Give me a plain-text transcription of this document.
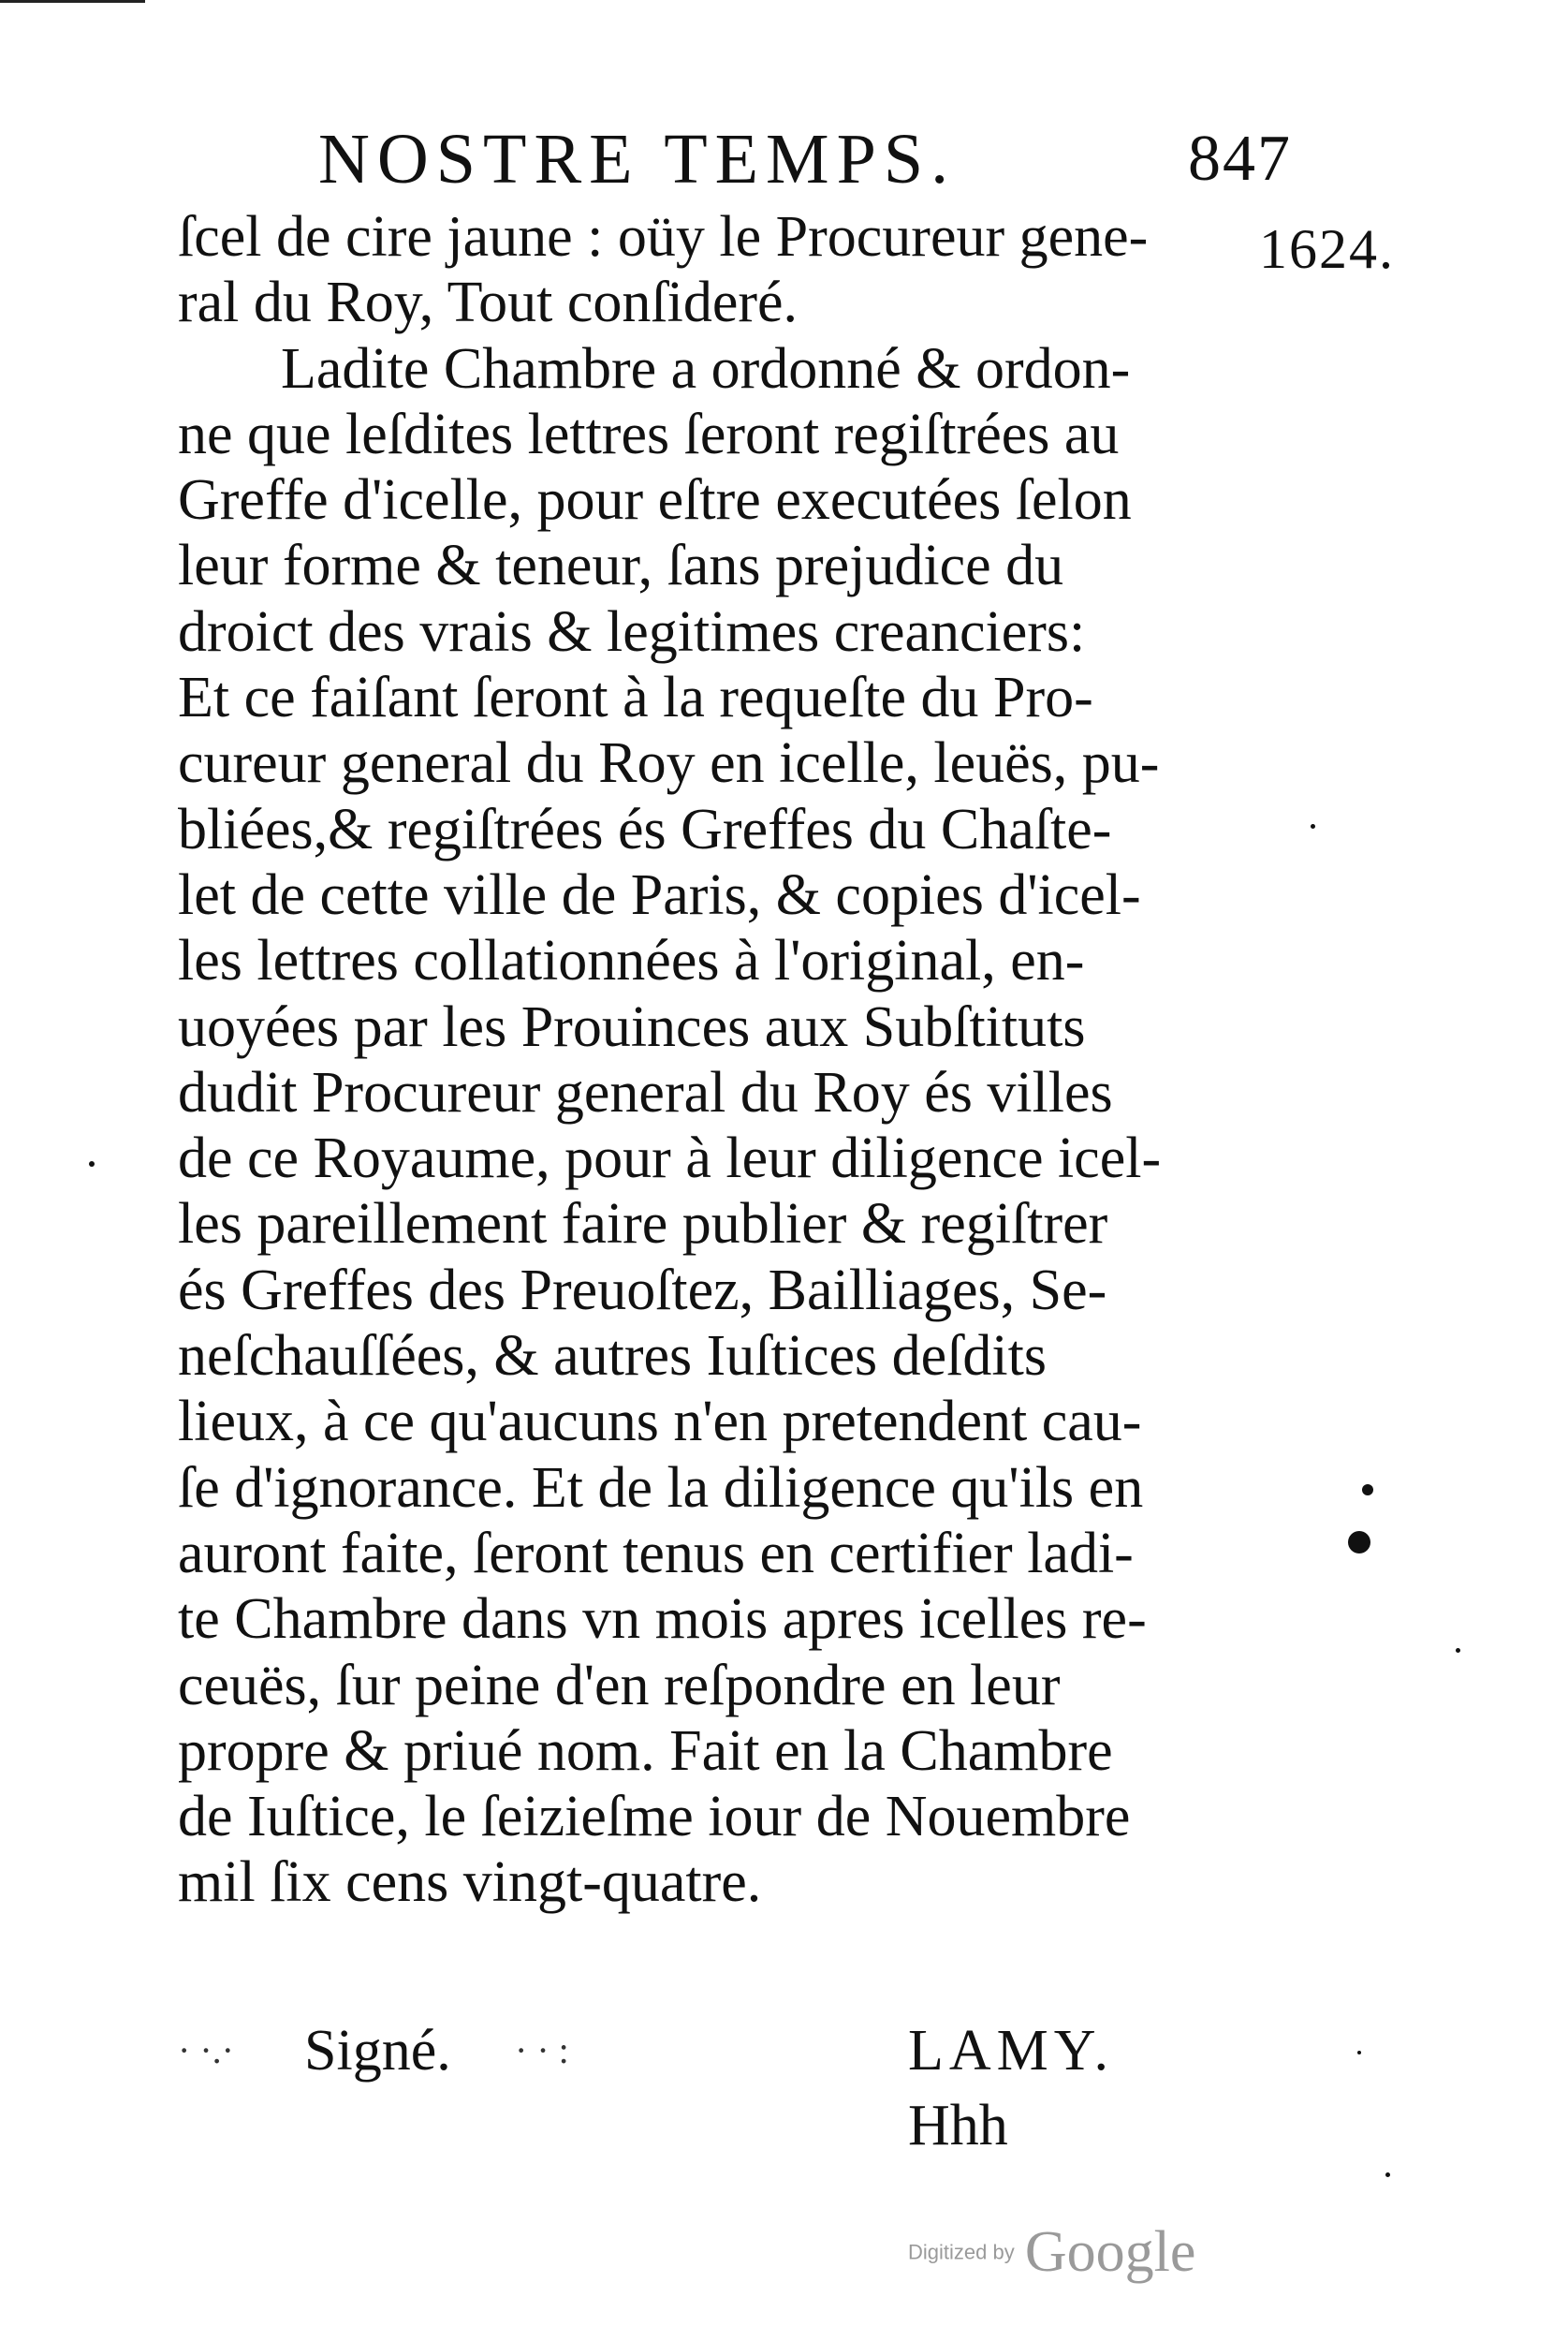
NOSTRE TEMPS.	847
1624.
ſcel de cire jaune : oüy le Procureur gene-
ral du Roy, Tout conſideré.
Ladite Chambre a ordonné & ordon-
ne que leſdites lettres ſeront regiſtrées au
Greffe d'icelle, pour eſtre executées ſelon
leur forme & teneur, ſans prejudice du
droict des vrais & legitimes creanciers:
Et ce faiſant ſeront à la requeſte du Pro-
cureur general du Roy en icelle, leuës, pu-
bliées,& regiſtrées és Greffes du Chaſte-
let de cette ville de Paris, & copies d'icel-
les lettres collationnées à l'original, en-
uoyées par les Prouinces aux Subſtituts
dudit Procureur general du Roy és villes
de ce Royaume, pour à leur diligence icel-
les pareillement faire publier & regiſtrer
és Greffes des Preuoſtez, Bailliages, Se-
neſchauſſées, & autres Iuſtices deſdits
lieux, à ce qu'aucuns n'en pretendent cau-
ſe d'ignorance. Et de la diligence qu'ils en
auront faite, ſeront tenus en certifier ladi-
te Chambre dans vn mois apres icelles re-
ceuës, ſur peine d'en reſpondre en leur
propre & priué nom. Fait en la Chambre
de Iuſtice, le ſeizieſme iour de Nouembre
mil ſix cens vingt-quatre.
· ·.· Signé. · · :	LAMY.
Hhh
Digitized by Google
